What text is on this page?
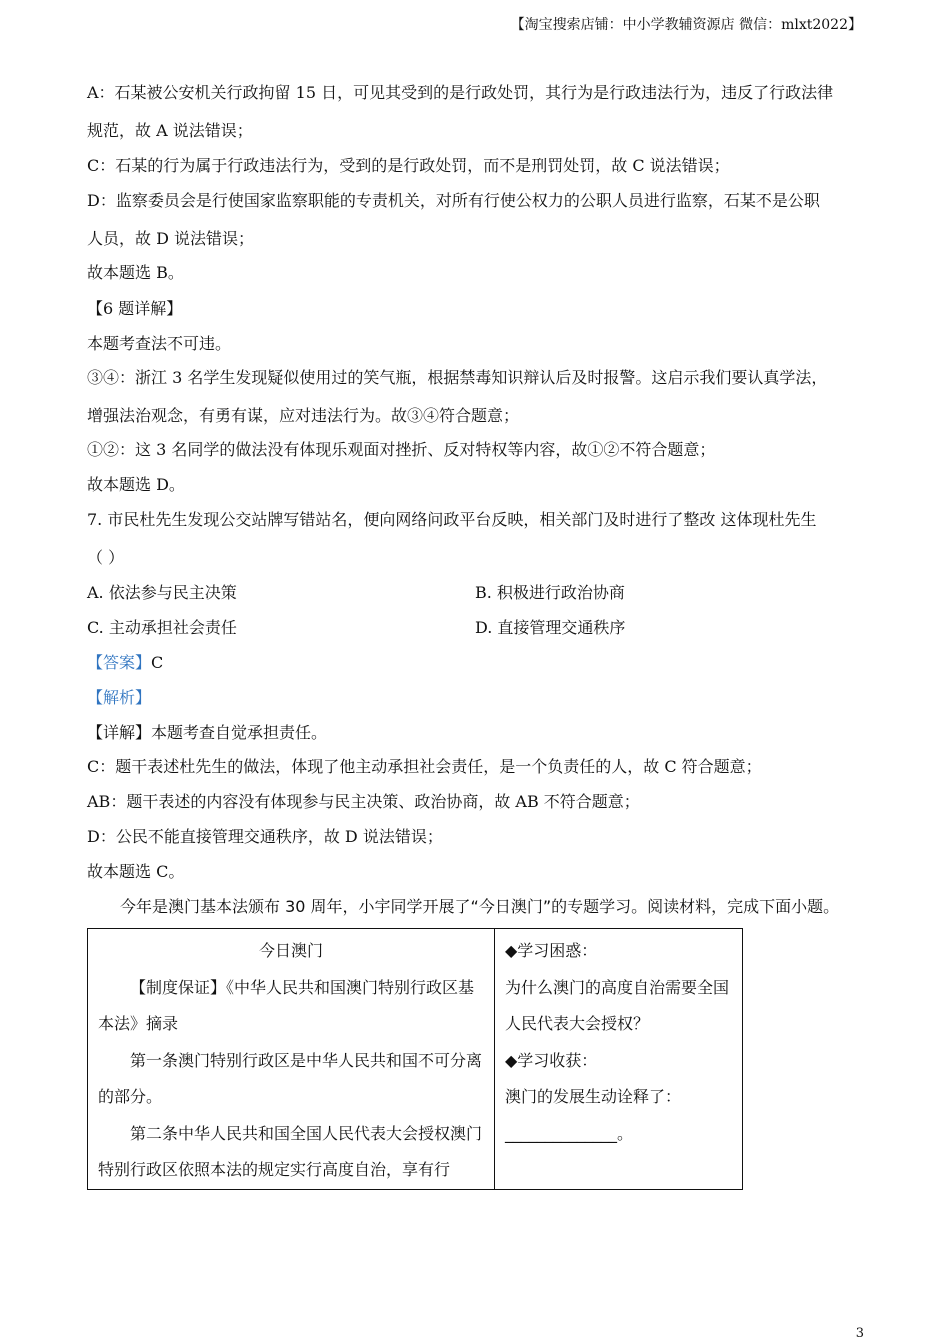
【淘宝搜索店铺：中小学教辅资源店 微信：mlxt2022】
A：石某被公安机关行政拘留 15 日，可见其受到的是行政处罚，其行为是行政违法行为，违反了行政法律
规范，故 A 说法错误；
C：石某的行为属于行政违法行为，受到的是行政处罚，而不是刑罚处罚，故 C 说法错误；
D：监察委员会是行使国家监察职能的专责机关，对所有行使公权力的公职人员进行监察，石某不是公职
人员，故 D 说法错误；
故本题选 B。
【6 题详解】
本题考查法不可违。
③④：浙江 3 名学生发现疑似使用过的笑气瓶，根据禁毒知识辩认后及时报警。这启示我们要认真学法，
增强法治观念，有勇有谋，应对违法行为。故③④符合题意；
①②：这 3 名同学的做法没有体现乐观面对挫折、反对特权等内容，故①②不符合题意；
故本题选 D。
7. 市民杜先生发现公交站牌写错站名，便向网络问政平台反映，相关部门及时进行了整改 这体现杜先生
（ ）
A. 依法参与民主决策	B. 积极进行政治协商
C. 主动承担社会责任	D. 直接管理交通秩序
【答案】C
【解析】
【详解】本题考查自觉承担责任。
C：题干表述杜先生的做法，体现了他主动承担社会责任，是一个负责任的人，故 C 符合题意；
AB：题干表述的内容没有体现参与民主决策、政治协商，故 AB 不符合题意；
D：公民不能直接管理交通秩序，故 D 说法错误；
故本题选 C。
今年是澳门基本法颁布 30 周年，小宇同学开展了“今日澳门”的专题学习。阅读材料，完成下面小题。

今日澳门

【制度保证】《中华人民共和国澳门特别行政区基本法》摘录

第一条澳门特别行政区是中华人民共和国不可分离的部分。

第二条中华人民共和国全国人民代表大会授权澳门特别行政区依照本法的规定实行高度自治，享有行

◆学习困惑：

为什么澳门的高度自治需要全国人民代表大会授权？

◆学习收获：

澳门的发展生动诠释了：______________。

3
